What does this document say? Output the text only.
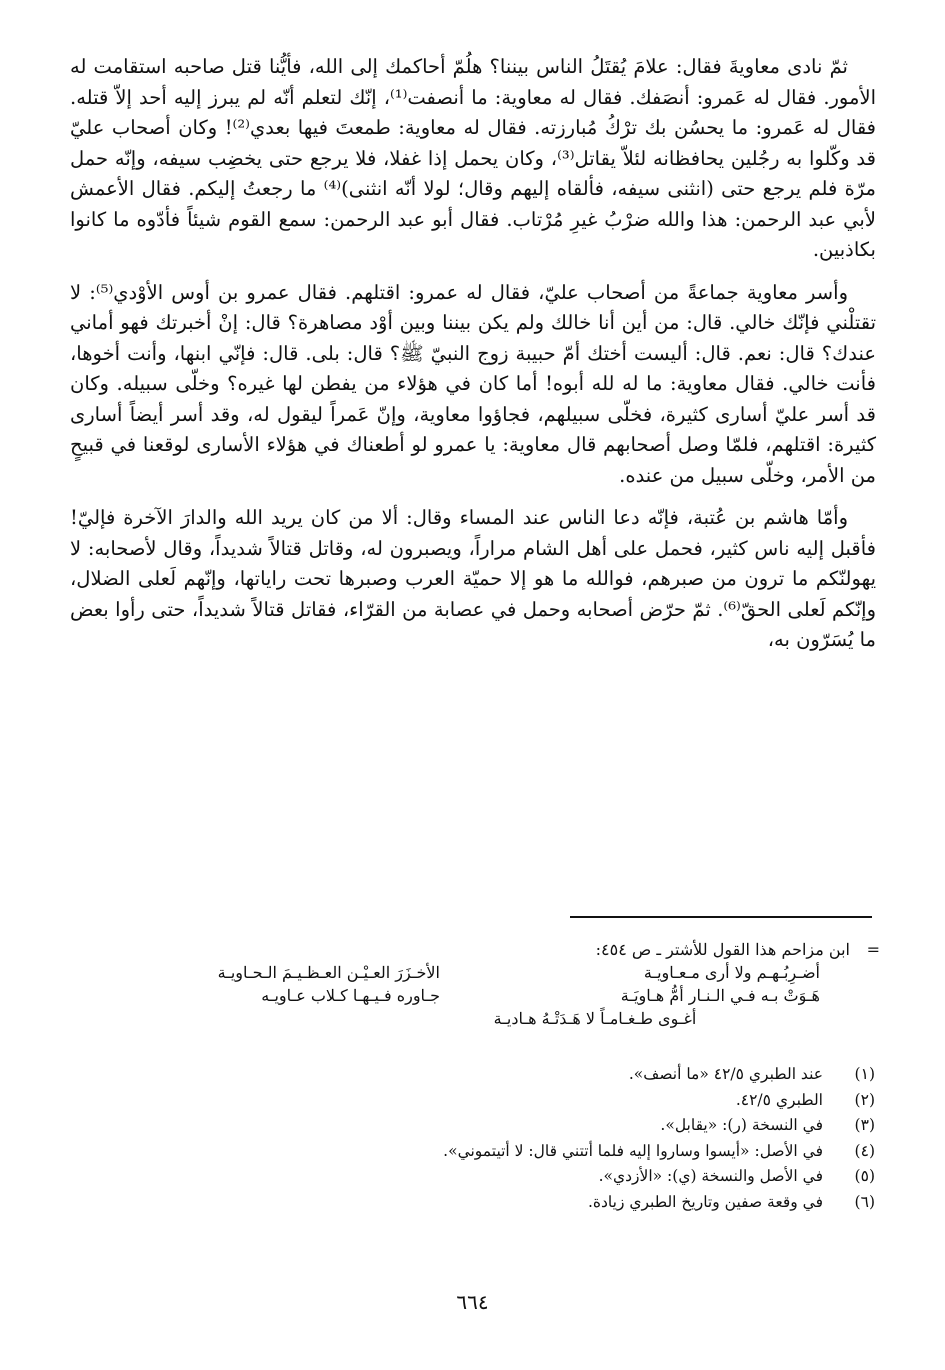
ثمّ نادى معاويةَ فقال: علامَ يُقتَلُ الناس بيننا؟ هلُمّ أحاكمك إلى الله، فأيُّنا قتل صاحبه استقامت له الأمور. فقال له عَمرو: أنصَفك. فقال له معاوية: ما أنصفت⁽¹⁾، إنّك لتعلم أنّه لم يبرز إليه أحد إلاّ قتله. فقال له عَمرو: ما يحسُن بك ترْكُ مُبارزته. فقال له معاوية: طمعتَ فيها بعدي⁽²⁾! وكان أصحاب عليّ قد وكّلوا به رجُلين يحافظانه لئلاّ يقاتل⁽³⁾، وكان يحمل إذا غفلا، فلا يرجع حتى يخضِب سيفه، وإنّه حمل مرّة فلم يرجع حتى (انثنى سيفه، فألقاه إليهم وقال؛ لولا أنّه انثنى)⁽⁴⁾ ما رجعتُ إليكم. فقال الأعمش لأبي عبد الرحمن: هذا والله ضرْبُ غيرِ مُرْتاب. فقال أبو عبد الرحمن: سمع القوم شيئاً فأدّوه ما كانوا بكاذبين.

وأسر معاوية جماعةً من أصحاب عليّ، فقال له عمرو: اقتلهم. فقال عمرو بن أوس الأوْدي⁽⁵⁾: لا تقتلْني فإنّك خالي. قال: من أين أنا خالك ولم يكن بيننا وبين أوْد مصاهرة؟ قال: إنْ أخبرتك فهو أماني عندك؟ قال: نعم. قال: أليست أختك أمّ حبيبة زوج النبيّ ﷺ؟ قال: بلى. قال: فإنّي ابنها، وأنت أخوها، فأنت خالي. فقال معاوية: ما له لله أبوه! أما كان في هؤلاء من يفطن لها غيره؟ وخلّى سبيله. وكان قد أسر عليّ أسارى كثيرة، فخلّى سبيلهم، فجاؤوا معاوية، وإنّ عَمراً ليقول له، وقد أسر أيضاً أسارى كثيرة: اقتلهم، فلمّا وصل أصحابهم قال معاوية: يا عمرو لو أطعناك في هؤلاء الأسارى لوقعنا في قبيحٍ من الأمر، وخلّى سبيل من عنده.

وأمّا هاشم بن عُتبة، فإنّه دعا الناس عند المساء وقال: ألا من كان يريد الله والدارَ الآخرة فإليّ! فأقبل إليه ناس كثير، فحمل على أهل الشام مراراً، ويصبرون له، وقاتل قتالاً شديداً، وقال لأصحابه: لا يهولنّكم ما ترون من صبرهم، فوالله ما هو إلا حميّة العرب وصبرها تحت راياتها، وإنّهم لَعلى الضلال، وإنّكم لَعلى الحقّ⁽⁶⁾. ثمّ حرّض أصحابه وحمل في عصابة من القرّاء، فقاتل قتالاً شديداً، حتى رأوا بعض ما يُسَرّون به،

=
ابن مزاحم هذا القول للأشتر ـ ص ٤٥٤:
أضـرِبُـهـم ولا أرى مـعـاويـة
الأخـزَرَ العـيْـن العـظـيـمَ الـحـاويـة
هَـوَتْ بـه فـي الـنـار أمُّ هـاويَـة
جـاوره فـيـهـا كـلاب عـاويـه
أغـوى طـغـامـاً لا هَـدَتْـهُ هـاديـة
(١)
عند الطبري ٤٢/٥ «ما أنصف».
(٢)
الطبري ٤٢/٥.
(٣)
في النسخة (ر): «يقابل».
(٤)
في الأصل: «أيسوا وساروا إليه فلما أتتني قال: لا أتيتموني».
(٥)
في الأصل والنسخة (ي): «الأزدي».
(٦)
في وقعة صفين وتاريخ الطبري زيادة.
٦٦٤
